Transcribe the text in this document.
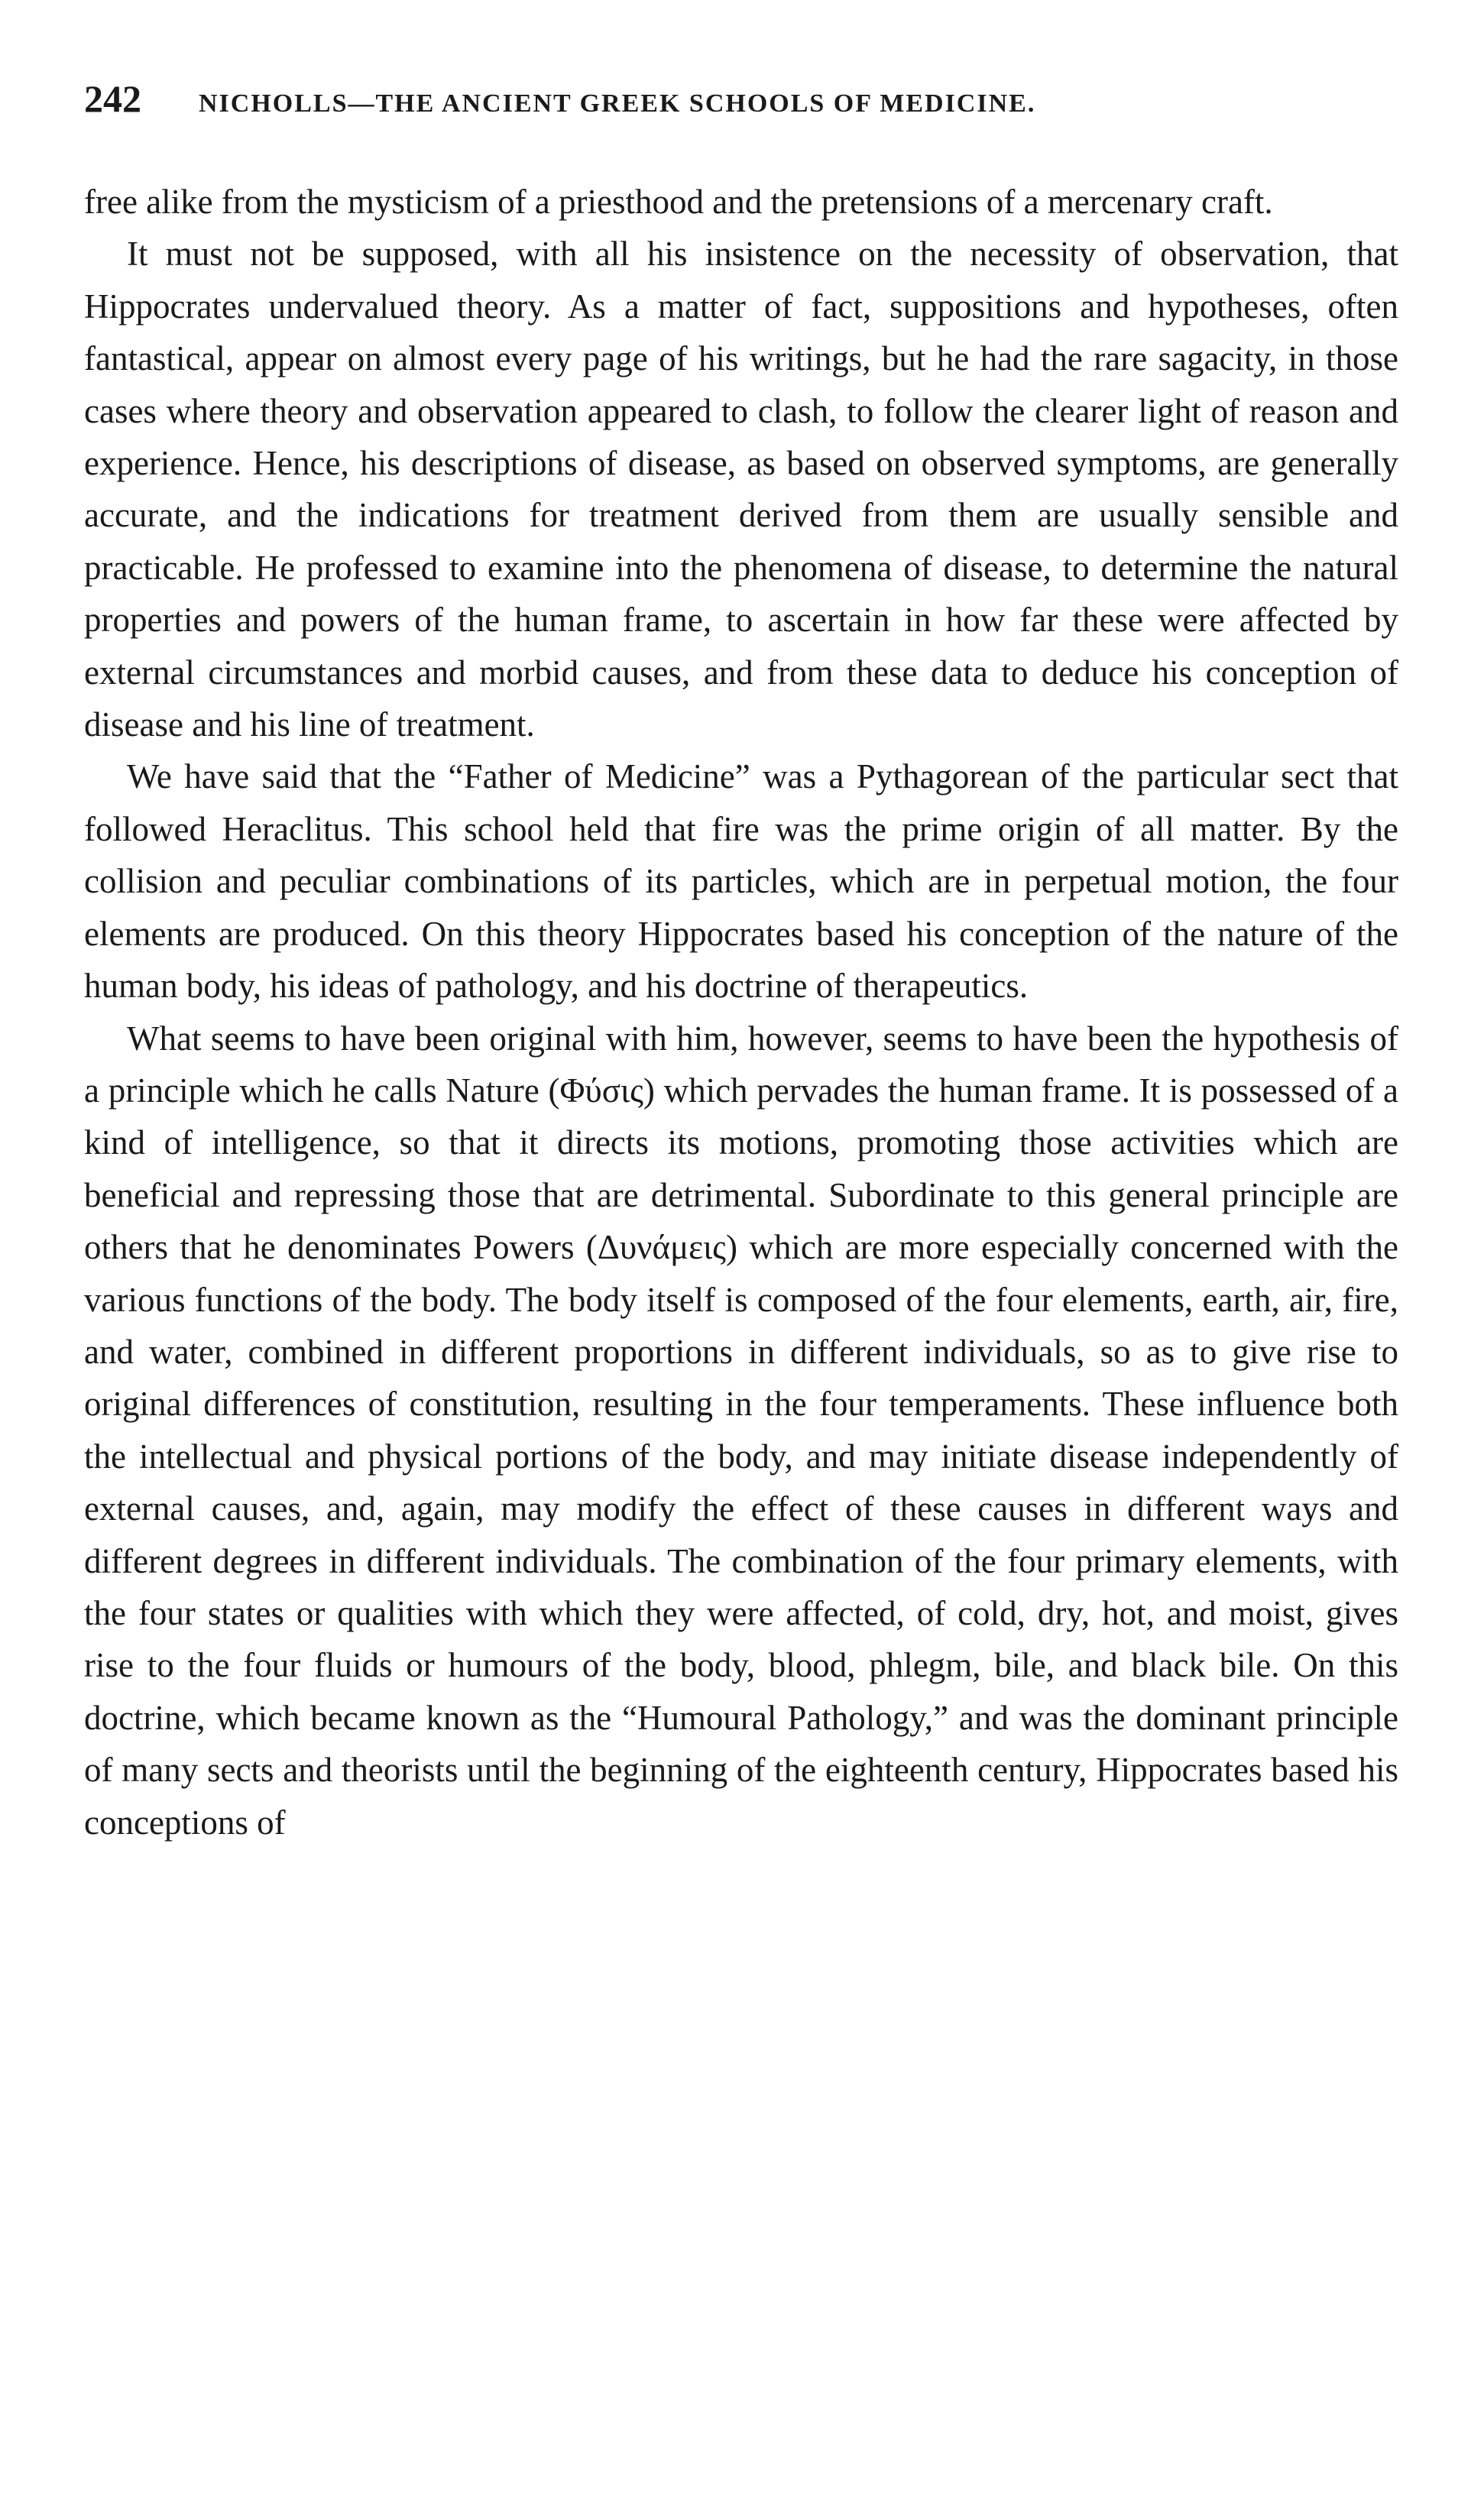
242	NICHOLLS—THE ANCIENT GREEK SCHOOLS OF MEDICINE.

free alike from the mysticism of a priesthood and the pretensions of a mercenary craft.

It must not be supposed, with all his insistence on the necessity of observation, that Hippocrates undervalued theory. As a matter of fact, suppositions and hypotheses, often fantastical, appear on almost every page of his writings, but he had the rare sagacity, in those cases where theory and observation appeared to clash, to follow the clearer light of reason and experience. Hence, his descriptions of disease, as based on observed symptoms, are generally accurate, and the indications for treatment derived from them are usually sensible and practicable. He professed to examine into the phenomena of disease, to determine the natural properties and powers of the human frame, to ascertain in how far these were affected by external circumstances and morbid causes, and from these data to deduce his conception of disease and his line of treatment.

We have said that the “Father of Medicine” was a Pythagorean of the particular sect that followed Heraclitus. This school held that fire was the prime origin of all matter. By the collision and peculiar combinations of its particles, which are in perpetual motion, the four elements are produced. On this theory Hippocrates based his conception of the nature of the human body, his ideas of pathology, and his doctrine of therapeutics.

What seems to have been original with him, however, seems to have been the hypothesis of a principle which he calls Nature (Φύσις) which pervades the human frame. It is possessed of a kind of intelligence, so that it directs its motions, promoting those activities which are beneficial and repressing those that are detrimental. Subordinate to this general principle are others that he denominates Powers (Δυνάμεις) which are more especially concerned with the various functions of the body. The body itself is composed of the four elements, earth, air, fire, and water, combined in different proportions in different individuals, so as to give rise to original differences of constitution, resulting in the four temperaments. These influence both the intellectual and physical portions of the body, and may initiate disease independently of external causes, and, again, may modify the effect of these causes in different ways and different degrees in different individuals. The combination of the four primary elements, with the four states or qualities with which they were affected, of cold, dry, hot, and moist, gives rise to the four fluids or humours of the body, blood, phlegm, bile, and black bile. On this doctrine, which became known as the “Humoural Pathology,” and was the dominant principle of many sects and theorists until the beginning of the eighteenth century, Hippocrates based his conceptions of
